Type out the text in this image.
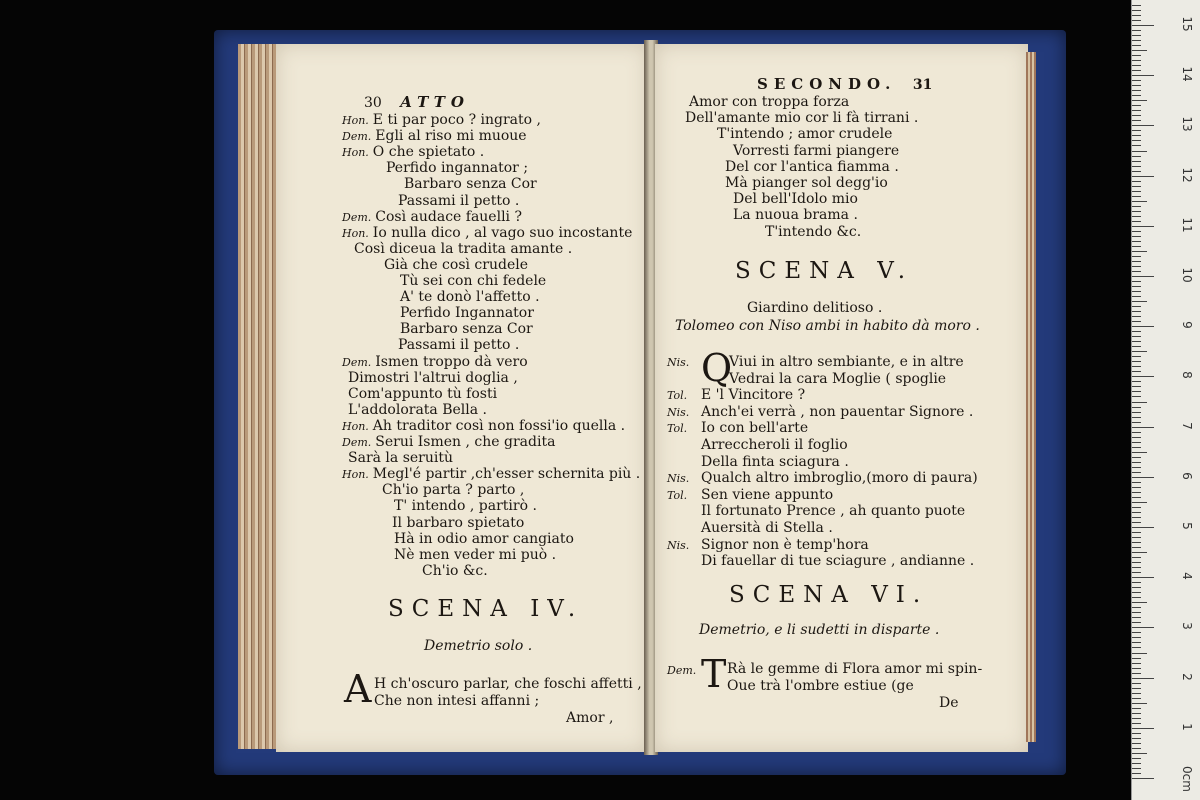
30 ATTO
Hon. E ti par poco ? ingrato ,
Dem. Egli al riso mi muoue
Hon. O che spietato .
Perfido ingannator ;
Barbaro senza Cor
Passami il petto .
Dem. Così audace fauelli ?
Hon. Io nulla dico , al vago suo incostante
Così diceua la tradita amante .
Già che così crudele
Tù sei con chi fedele
A' te donò l'affetto .
Perfido Ingannator
Barbaro senza Cor
Passami il petto .
Dem. Ismen troppo dà vero
Dimostri l'altrui doglia ,
Com'appunto tù fosti
L'addolorata Bella .
Hon. Ah traditor così non fossi'io quella .
Dem. Serui Ismen , che gradita
Sarà la seruitù
Hon. Megl'é partir ,ch'esser schernita più .
Ch'io parta ? parto ,
T' intendo , partirò .
Il barbaro spietato
Hà in odio amor cangiato
Nè men veder mi può .
Ch'io &c.
SCENA IV.
Demetrio solo .
A H ch'oscuro parlar, che foschi affetti ,
Che non intesi affanni ;
Amor ,
SECONDO. 31
Amor con troppa forza
Dell'amante mio cor li fà tirrani .
T'intendo ; amor crudele
Vorresti farmi piangere
Del cor l'antica fiamma .
Mà pianger sol degg'io
Del bell'Idolo mio
La nuoua brama .
T'intendo &c.
SCENA V.
Giardino delitioso .
Tolomeo con Niso ambi in habito dà moro .
Q
Nis.	Viui in altro sembiante, e in altre
Vedrai la cara Moglie ( spoglie
Tol. E 'l Vincitore ?
Nis. Anch'ei verrà , non pauentar Signore .
Tol. Io con bell'arte
Arreccheroli il foglio
Della finta sciagura .
Nis. Qualch altro imbroglio,(moro di paura)
Tol. Sen viene appunto
Il fortunato Prence , ah quanto puote
Auersità di Stella .
Nis. Signor non è temp'hora
Di fauellar di tue sciagure , andianne .
SCENA VI.
Demetrio, e li sudetti in disparte .
Dem. T Rà le gemme di Flora amor mi spin-
Oue trà l'ombre estiue (ge
De
0cm
1
2
3
4
5
6
7
8
9
10
11
12
13
14
15
